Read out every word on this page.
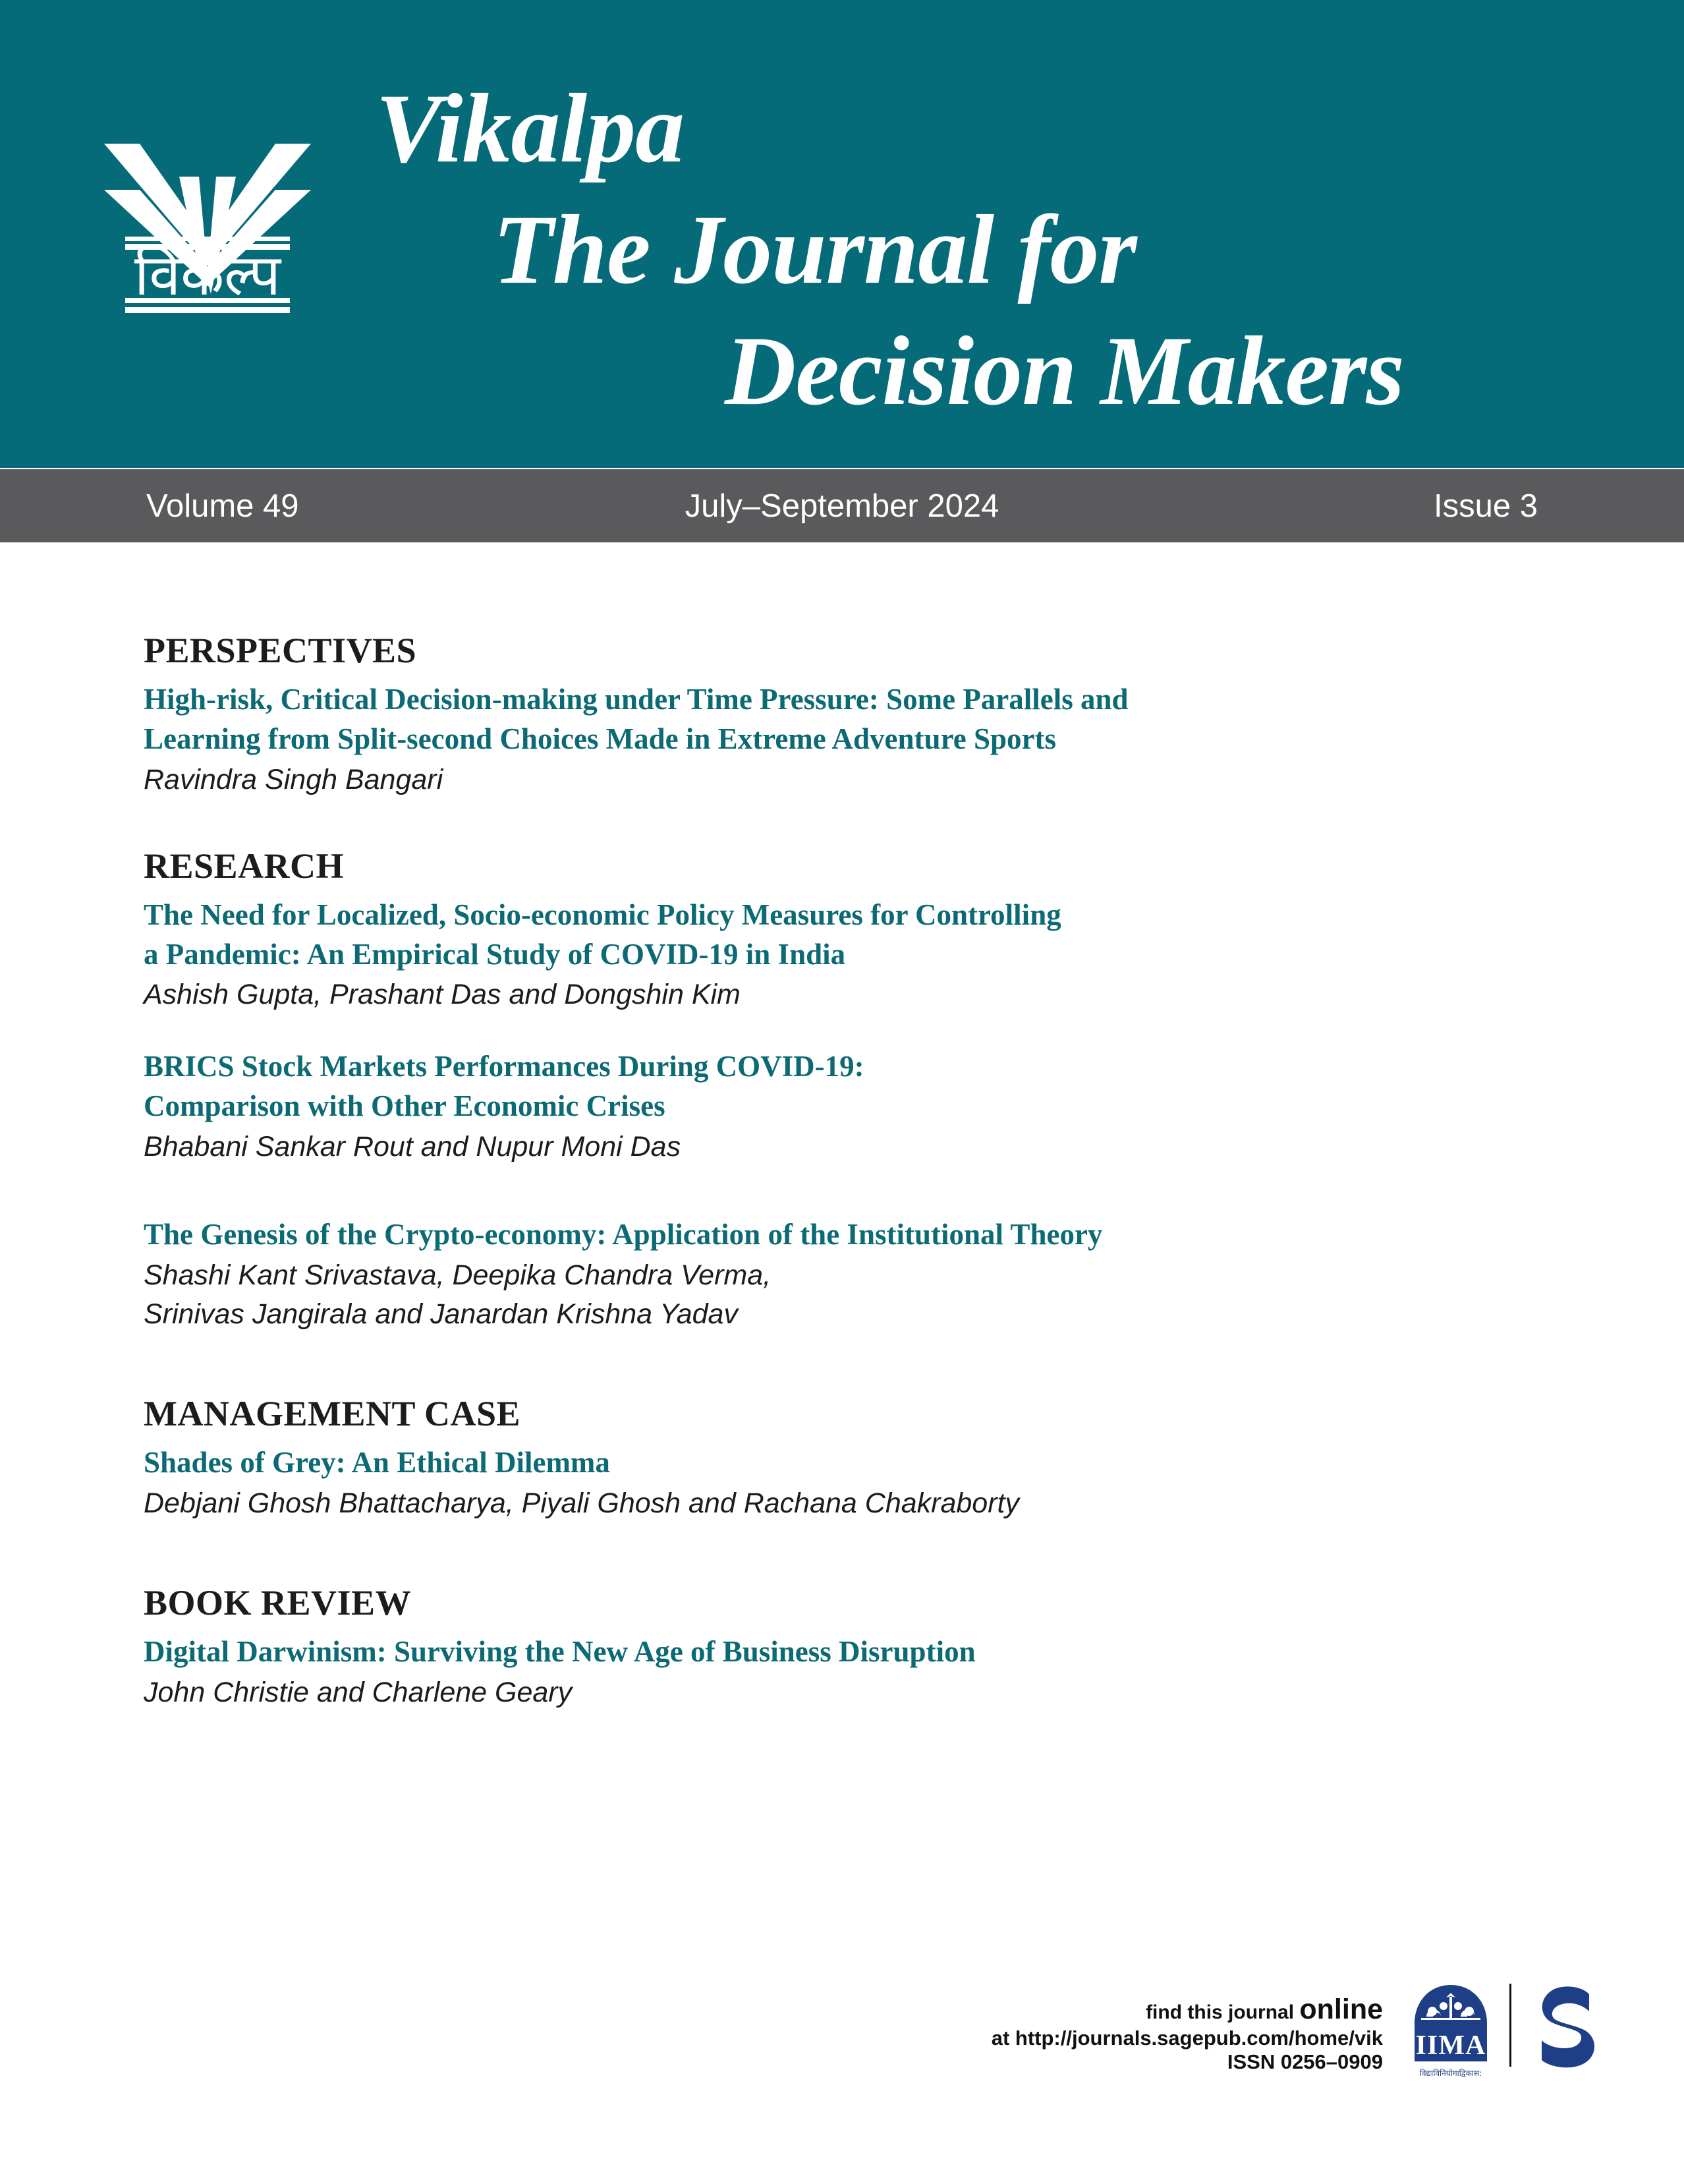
विकल्प
Vikalpa
The Journal for
Decision Makers
Volume 49	July–September 2024	Issue 3
PERSPECTIVES
High-risk, Critical Decision-making under Time Pressure: Some Parallels and
Learning from Split-second Choices Made in Extreme Adventure Sports
Ravindra Singh Bangari
RESEARCH
The Need for Localized, Socio-economic Policy Measures for Controlling
a Pandemic: An Empirical Study of COVID-19 in India
Ashish Gupta, Prashant Das and Dongshin Kim
BRICS Stock Markets Performances During COVID-19:
Comparison with Other Economic Crises
Bhabani Sankar Rout and Nupur Moni Das
The Genesis of the Crypto-economy: Application of the Institutional Theory
Shashi Kant Srivastava, Deepika Chandra Verma,
Srinivas Jangirala and Janardan Krishna Yadav
MANAGEMENT CASE
Shades of Grey: An Ethical Dilemma
Debjani Ghosh Bhattacharya, Piyali Ghosh and Rachana Chakraborty
BOOK REVIEW
Digital Darwinism: Surviving the New Age of Business Disruption
John Christie and Charlene Geary
find this journal online
at http://journals.sagepub.com/home/vik
ISSN 0256–0909
IIMA
विद्याविनियोगाद्विकास:
